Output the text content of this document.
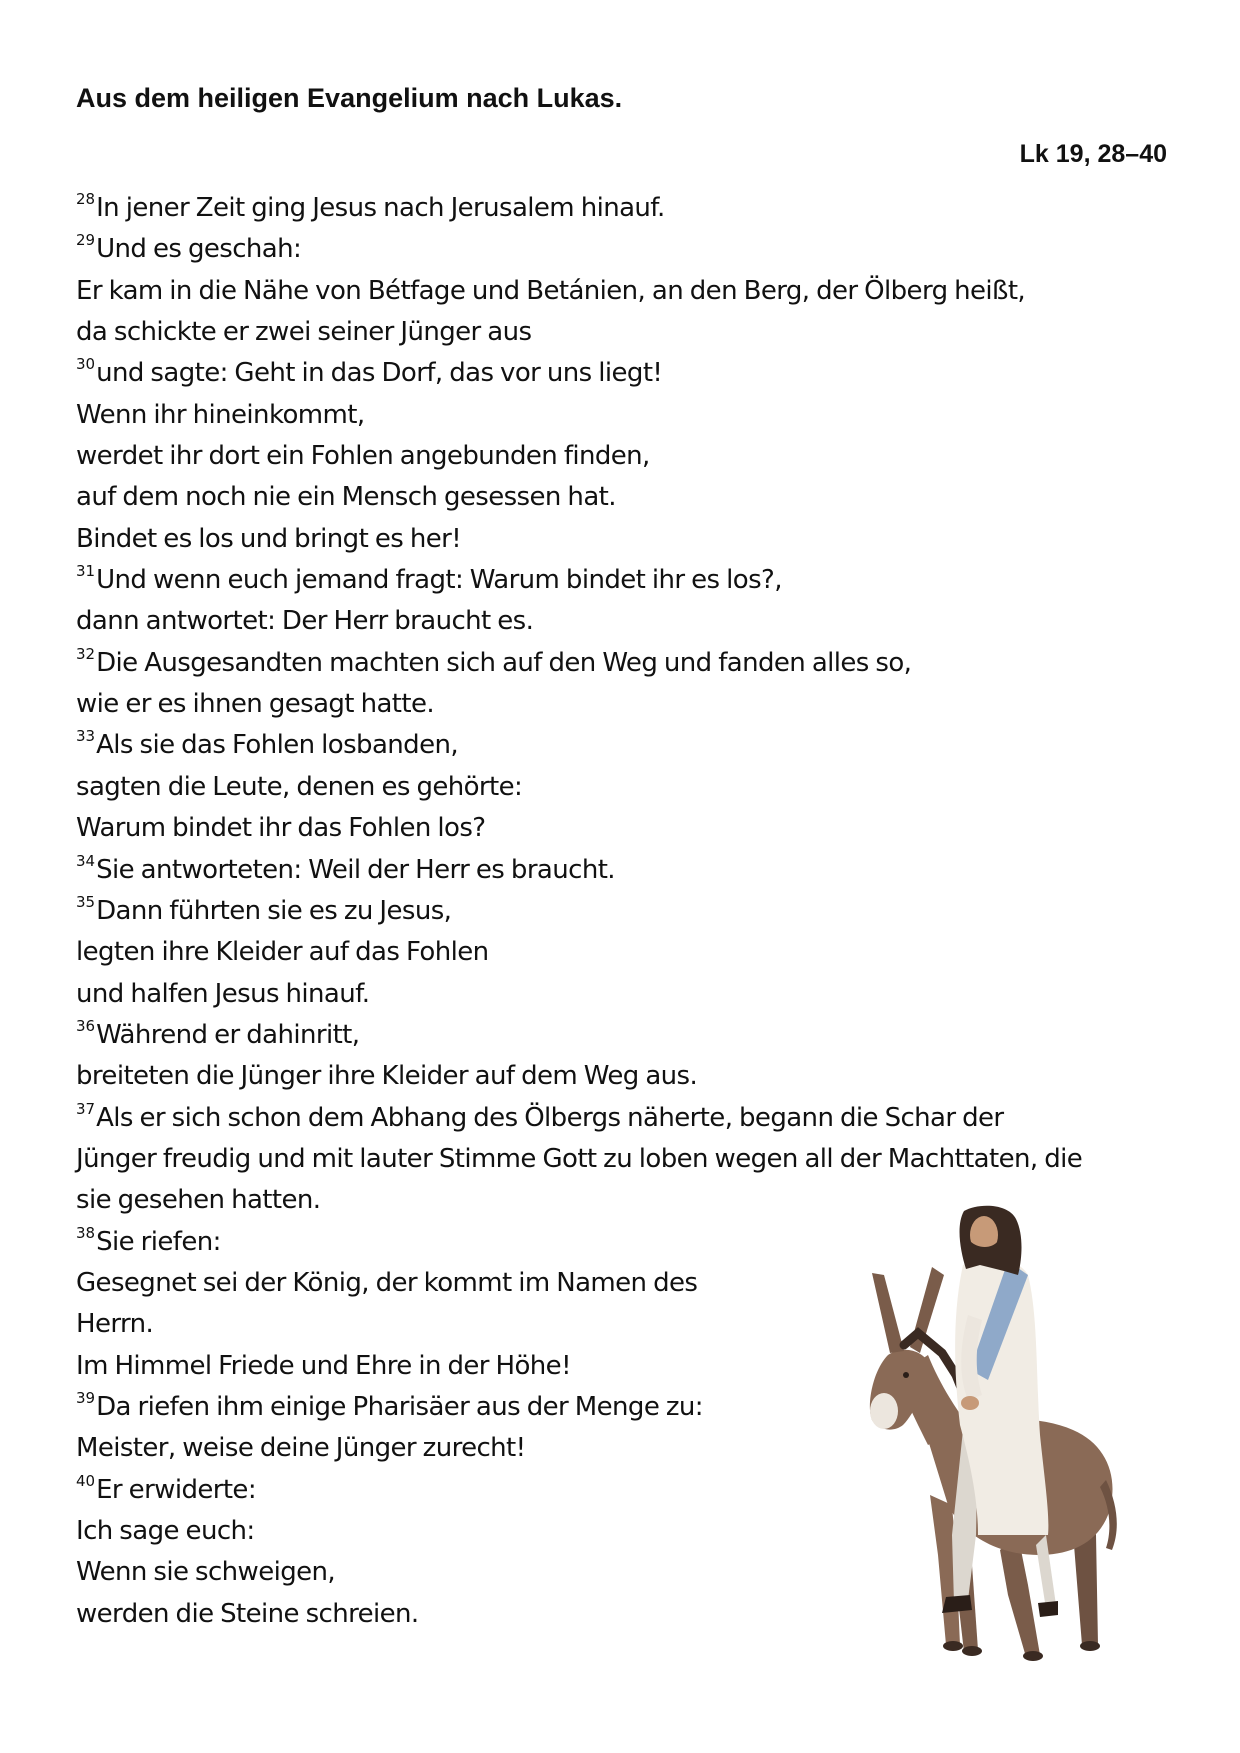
Aus dem heiligen Evangelium nach Lukas.
Lk 19, 28–40
$^{28}$In jener Zeit ging Jesus nach Jerusalem hinauf.
$^{29}$Und es geschah:
Er kam in die Nähe von Bétfage und Betánien, an den Berg, der Ölberg heißt,
da schickte er zwei seiner Jünger aus
$^{30}$und sagte: Geht in das Dorf, das vor uns liegt!
Wenn ihr hineinkommt,
werdet ihr dort ein Fohlen angebunden finden,
auf dem noch nie ein Mensch gesessen hat.
Bindet es los und bringt es her!
$^{31}$Und wenn euch jemand fragt: Warum bindet ihr es los?,
dann antwortet: Der Herr braucht es.
$^{32}$Die Ausgesandten machten sich auf den Weg und fanden alles so,
wie er es ihnen gesagt hatte.
$^{33}$Als sie das Fohlen losbanden,
sagten die Leute, denen es gehörte:
Warum bindet ihr das Fohlen los?
$^{34}$Sie antworteten: Weil der Herr es braucht.
$^{35}$Dann führten sie es zu Jesus,
legten ihre Kleider auf das Fohlen
und halfen Jesus hinauf.
$^{36}$Während er dahinritt,
breiteten die Jünger ihre Kleider auf dem Weg aus.
$^{37}$Als er sich schon dem Abhang des Ölbergs näherte, begann die Schar der
Jünger freudig und mit lauter Stimme Gott zu loben wegen all der Machttaten, die
sie gesehen hatten.
$^{38}$Sie riefen:
Gesegnet sei der König, der kommt im Namen des
Herrn.
Im Himmel Friede und Ehre in der Höhe!
$^{39}$Da riefen ihm einige Pharisäer aus der Menge zu:
Meister, weise deine Jünger zurecht!
$^{40}$Er erwiderte:
Ich sage euch:
Wenn sie schweigen,
werden die Steine schreien.
